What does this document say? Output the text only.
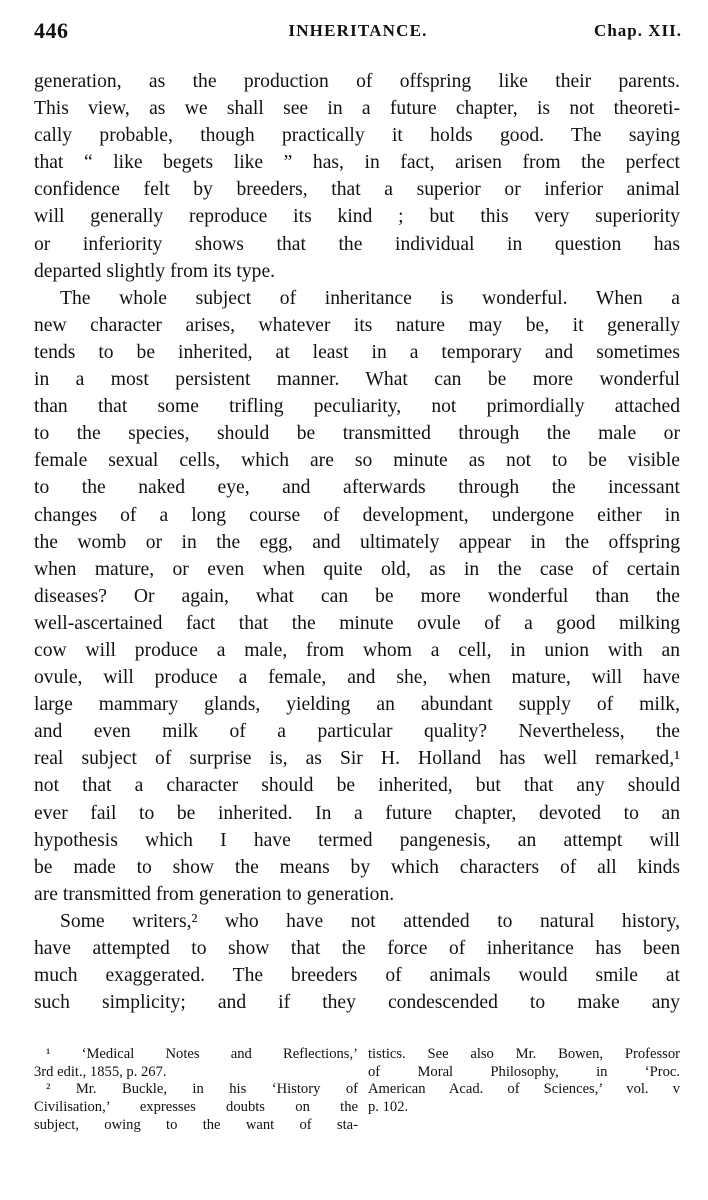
446	INHERITANCE.	Chap. XII.
generation, as the production of offspring like their parents.
This view, as we shall see in a future chapter, is not theoreti-
cally probable, though practically it holds good. The saying
that “ like begets like ” has, in fact, arisen from the perfect
confidence felt by breeders, that a superior or inferior animal
will generally reproduce its kind ; but this very superiority
or inferiority shows that the individual in question has
departed slightly from its type.
The whole subject of inheritance is wonderful. When a
new character arises, whatever its nature may be, it generally
tends to be inherited, at least in a temporary and sometimes
in a most persistent manner. What can be more wonderful
than that some trifling peculiarity, not primordially attached
to the species, should be transmitted through the male or
female sexual cells, which are so minute as not to be visible
to the naked eye, and afterwards through the incessant
changes of a long course of development, undergone either in
the womb or in the egg, and ultimately appear in the offspring
when mature, or even when quite old, as in the case of certain
diseases? Or again, what can be more wonderful than the
well-ascertained fact that the minute ovule of a good milking
cow will produce a male, from whom a cell, in union with an
ovule, will produce a female, and she, when mature, will have
large mammary glands, yielding an abundant supply of milk,
and even milk of a particular quality? Nevertheless, the
real subject of surprise is, as Sir H. Holland has well remarked,¹
not that a character should be inherited, but that any should
ever fail to be inherited. In a future chapter, devoted to an
hypothesis which I have termed pangenesis, an attempt will
be made to show the means by which characters of all kinds
are transmitted from generation to generation.
Some writers,² who have not attended to natural history,
have attempted to show that the force of inheritance has been
much exaggerated. The breeders of animals would smile at
such simplicity; and if they condescended to make any
¹ ‘Medical Notes and Reflections,’
3rd edit., 1855, p. 267.
² Mr. Buckle, in his ‘History of
Civilisation,’ expresses doubts on the
subject, owing to the want of sta-
tistics. See also Mr. Bowen, Professor
of Moral Philosophy, in ‘Proc.
American Acad. of Sciences,’ vol. v
p. 102.
